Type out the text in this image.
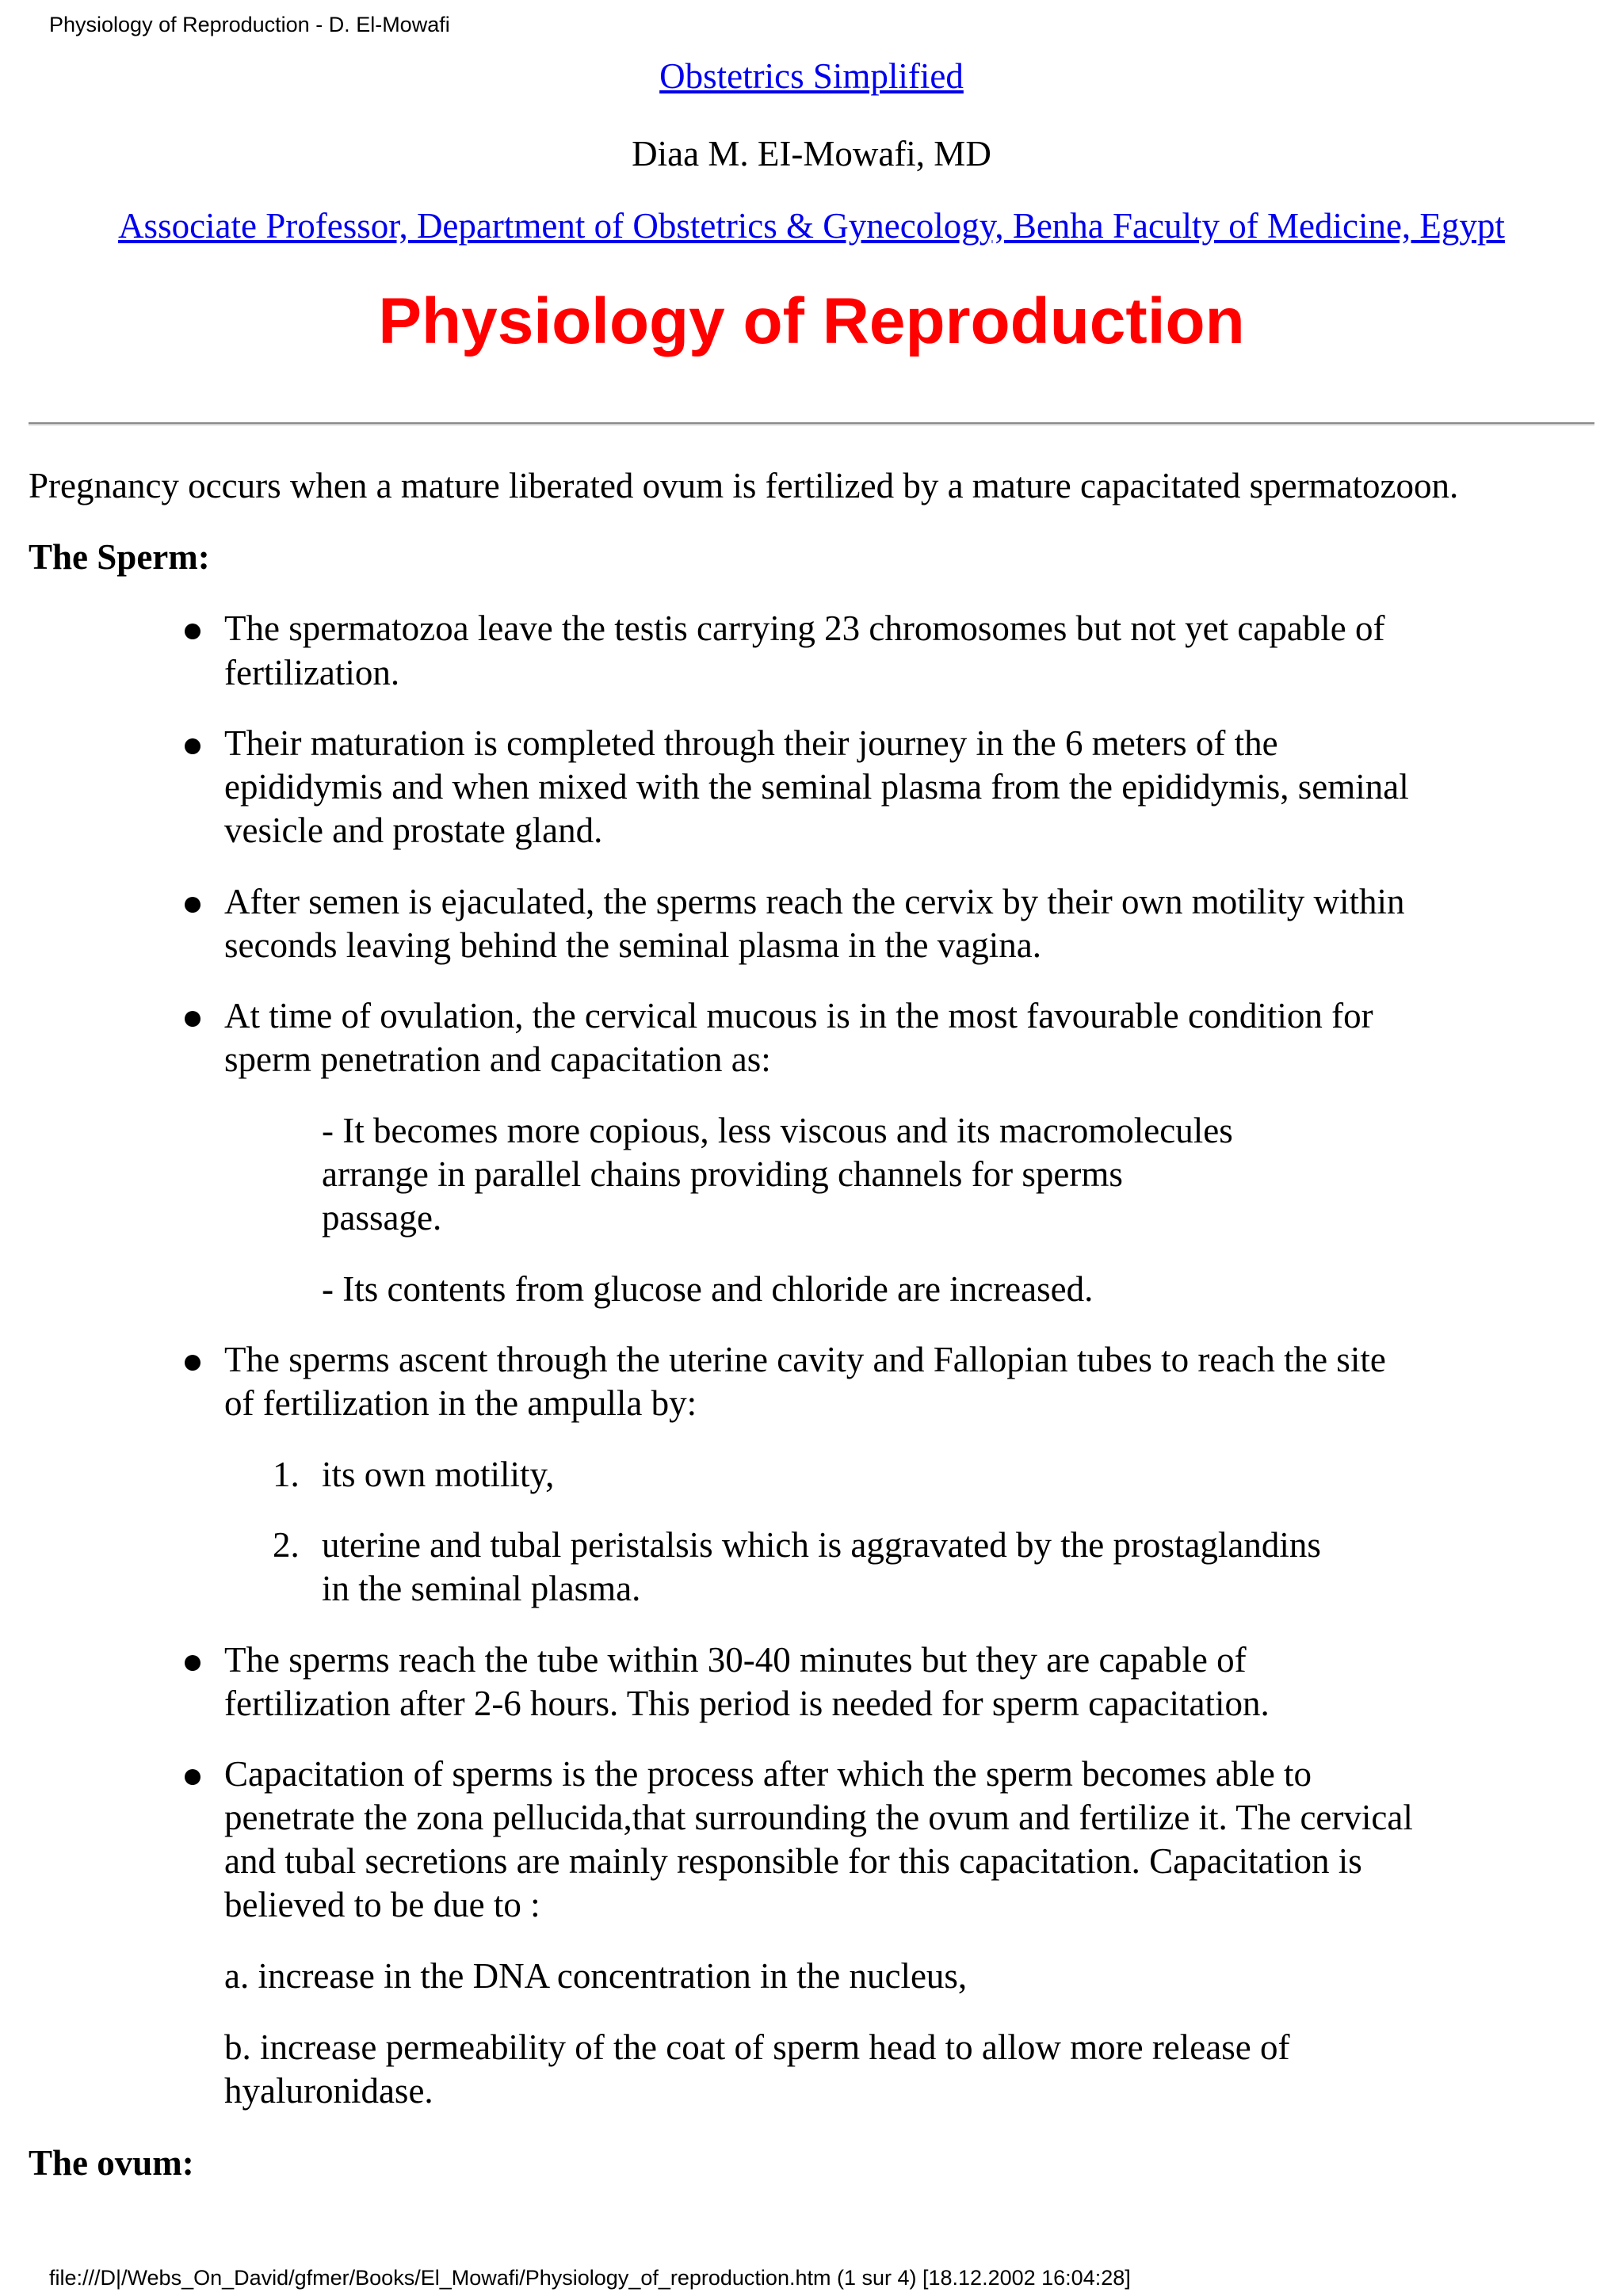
Physiology of Reproduction - D. El-Mowafi
Obstetrics Simplified
Diaa M. EI-Mowafi, MD
Associate Professor, Department of Obstetrics & Gynecology, Benha Faculty of Medicine, Egypt
Physiology of Reproduction
Pregnancy occurs when a mature liberated ovum is fertilized by a mature capacitated spermatozoon.
The Sperm:
The spermatozoa leave the testis carrying 23 chromosomes but not yet capable of
fertilization.
Their maturation is completed through their journey in the 6 meters of the
epididymis and when mixed with the seminal plasma from the epididymis, seminal
vesicle and prostate gland.
After semen is ejaculated, the sperms reach the cervix by their own motility within
seconds leaving behind the seminal plasma in the vagina.
At time of ovulation, the cervical mucous is in the most favourable condition for
sperm penetration and capacitation as:
- It becomes more copious, less viscous and its macromolecules
arrange in parallel chains providing channels for sperms
passage.
- Its contents from glucose and chloride are increased.
The sperms ascent through the uterine cavity and Fallopian tubes to reach the site
of fertilization in the ampulla by:
1. its own motility,
2. uterine and tubal peristalsis which is aggravated by the prostaglandins
in the seminal plasma.
The sperms reach the tube within 30-40 minutes but they are capable of
fertilization after 2-6 hours. This period is needed for sperm capacitation.
Capacitation of sperms is the process after which the sperm becomes able to
penetrate the zona pellucida,that surrounding the ovum and fertilize it. The cervical
and tubal secretions are mainly responsible for this capacitation. Capacitation is
believed to be due to :
a. increase in the DNA concentration in the nucleus,
b. increase permeability of the coat of sperm head to allow more release of
hyaluronidase.
The ovum:
file:///D|/Webs_On_David/gfmer/Books/El_Mowafi/Physiology_of_reproduction.htm (1 sur 4) [18.12.2002 16:04:28]
